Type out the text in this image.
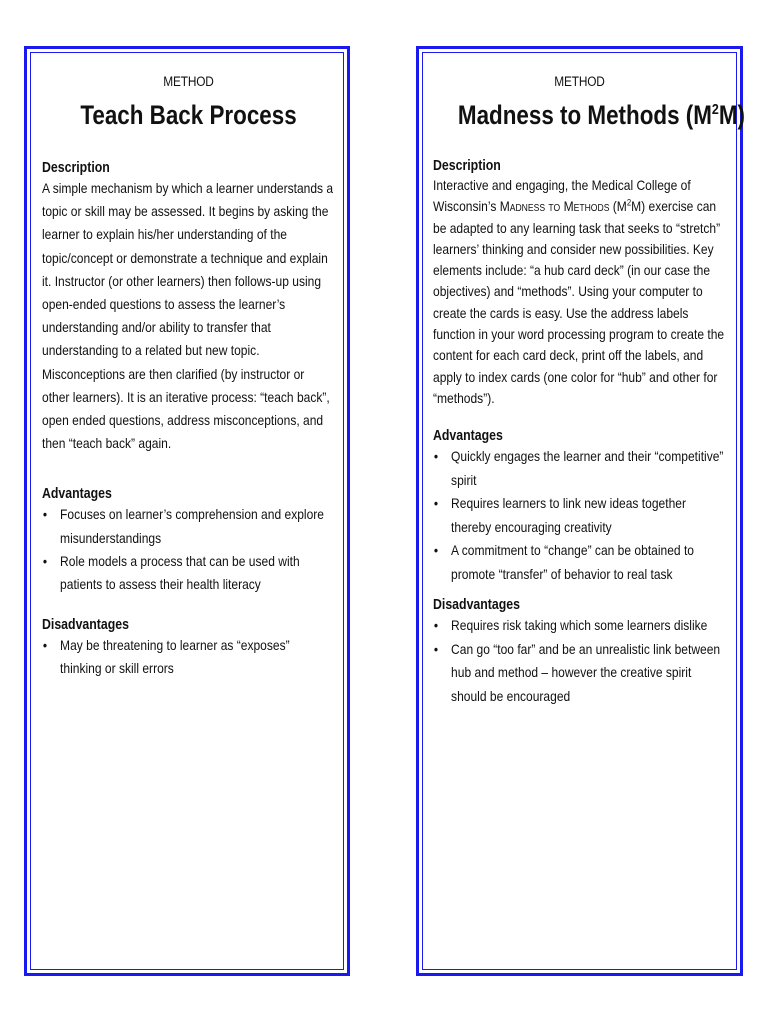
METHOD
Teach Back Process
Description
A simple mechanism by which a learner understands a topic or skill may be assessed. It begins by asking the learner to explain his/her understanding of the topic/concept or demonstrate a technique and explain it. Instructor (or other learners) then follows-up using open-ended questions to assess the learner’s understanding and/or ability to transfer that understanding to a related but new topic. Misconceptions are then clarified (by instructor or other learners). It is an iterative process: “teach back”, open ended questions, address misconceptions, and then “teach back” again.
Advantages
• Focuses on learner’s comprehension and explore misunderstandings
• Role models a process that can be used with patients to assess their health literacy
Disadvantages
• May be threatening to learner as “exposes” thinking or skill errors
METHOD
Madness to Methods $(M^2M)$
Description
Interactive and engaging, the Medical College of Wisconsin’s Madness to Methods $(M^2M)$ exercise can be adapted to any learning task that seeks to “stretch” learners’ thinking and consider new possibilities. Key elements include: “a hub card deck” (in our case the objectives) and “methods”. Using your computer to create the cards is easy. Use the address labels function in your word processing program to create the content for each card deck, print off the labels, and apply to index cards (one color for “hub” and other for “methods”).
Advantages
• Quickly engages the learner and their “competitive” spirit
• Requires learners to link new ideas together thereby encouraging creativity
• A commitment to “change” can be obtained to promote “transfer” of behavior to real task
Disadvantages
• Requires risk taking which some learners dislike
• Can go “too far” and be an unrealistic link between hub and method – however the creative spirit should be encouraged
